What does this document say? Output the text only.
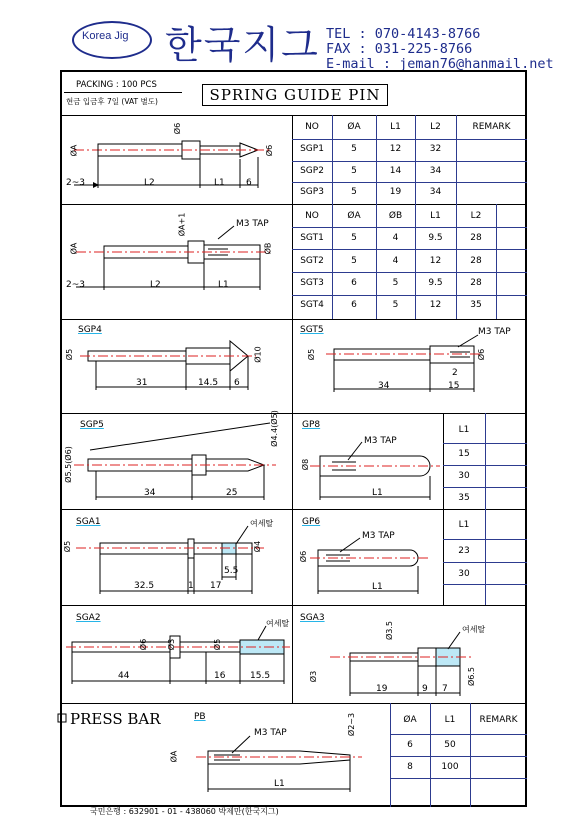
Korea Jig 한국지그 TEL : 070-4143-8766
FAX : 031-225-8766
E-mail : jeman76@hanmail.net
PACKING : 100 PCS
현금 입금후 7일 (VAT 별도)	SPRING GUIDE PIN
NO	ØA	L1	L2	REMARK
SGP1	5	12	32
SGP2	5	14	34
SGP3	5	19	34
NO	ØA	ØB	L1	L2
SGT1	5	4	9.5	28
SGT2	5	4	12	28
SGT3	6	5	9.5	28
SGT4	6	5	12	35
L1
15
30
35
L1
23
30
ØA	L1	REMARK
6	50
8	100
ØA
Ø6
Ø6
2~3	L2	L1 6
ØA
ØA+1	M3 TAP
ØB
2~3	L2	L1
SGP4
Ø5	Ø10
31	14.5 6
SGT5	M3 TAP
Ø5	Ø6
2
34	15
SGP5	Ø4.4(Ø5)
Ø5.5(Ø6)
34	25
GP8
M3 TAP
Ø8
L1
SGA1	여세탈
Ø5	Ø4
5.5
32.5	1 17
GP6
M3 TAP
Ø6
L1
SGA2
여세탈
Ø6 Ø3	Ø5
44	16	15.5
SGA3
Ø3.5	여세탈
Ø3	Ø6.5
19	9 7
PRESS BAR	PB
M3 TAP
ØA
Ø2~3
L1
국민은행 : 632901 - 01 - 438060 박제만(한국지그)
